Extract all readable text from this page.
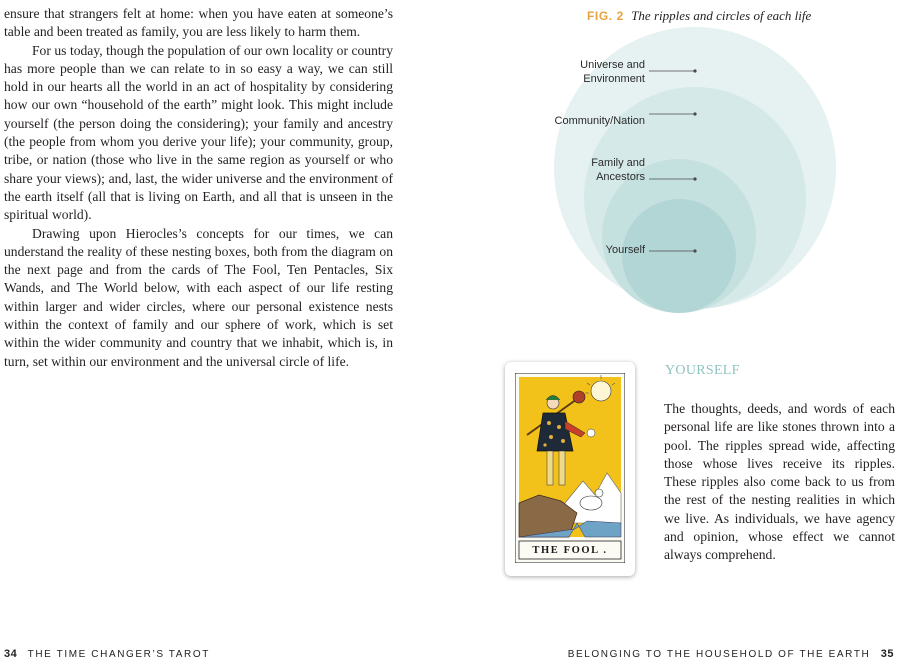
ensure that strangers felt at home: when you have eaten at someone’s table and been treated as family, you are less likely to harm them.

For us today, though the population of our own locality or country has more people than we can relate to in so easy a way, we can still hold in our hearts all the world in an act of hospitality by considering how our own “household of the earth” might look. This might include yourself (the person doing the considering); your family and ancestry (the people from whom you derive your life); your community, group, tribe, or nation (those who live in the same region as yourself or who share your views); and, last, the wider universe and the environment of the earth itself (all that is living on Earth, and all that is unseen in the spiritual world).

Drawing upon Hierocles’s concepts for our times, we can understand the reality of these nesting boxes, both from the diagram on the next page and from the cards of The Fool, Ten Pentacles, Six Wands, and The World below, with each aspect of our life resting within larger and wider circles, where our personal existence nests within the context of family and our sphere of work, which is set within the wider community and country that we inhabit, which is, in turn, set within our environment and the universal circle of life.

34 THE TIME CHANGER’S TAROT
FIG. 2 The ripples and circles of each life
Universe and
Environment
Community/Nation
Family and
Ancestors
Yourself
THE FOOL .
YOURSELF

The thoughts, deeds, and words of each personal life are like stones thrown into a pool. The ripples spread wide, affecting those whose lives receive its ripples. These ripples also come back to us from the rest of the nesting realities in which we live. As individuals, we have agency and opinion, whose effect we cannot always comprehend.

BELONGING TO THE HOUSEHOLD OF THE EARTH 35
